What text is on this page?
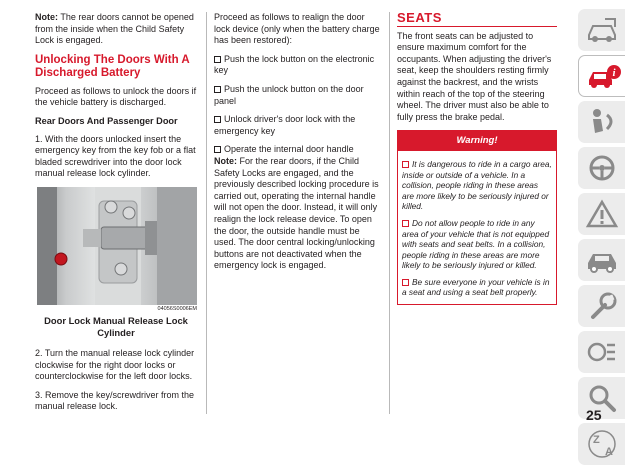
Note: The rear doors cannot be opened from the inside when the Child Safety Lock is engaged.

Unlocking The Doors With A Discharged Battery

Proceed as follows to unlock the doors if the vehicle battery is discharged.

Rear Doors And Passenger Door

1. With the doors unlocked insert the emergency key from the key fob or a flat bladed screwdriver into the door lock manual release lock cylinder.

04056S0006EM
Door Lock Manual Release Lock Cylinder

2. Turn the manual release lock cylinder clockwise for the right door locks or counterclockwise for the left door locks.

3. Remove the key/screwdriver from the manual release lock.

Proceed as follows to realign the door lock device (only when the battery charge has been restored):

Push the lock button on the electronic key

Push the unlock button on the door panel

Unlock driver's door lock with the emergency key

Operate the internal door handle

Note: For the rear doors, if the Child Safety Locks are engaged, and the previously described locking procedure is carried out, operating the internal handle will not open the door. Instead, it will only realign the lock release device. To open the door, the outside handle must be used. The door central locking/unlocking buttons are not deactivated when the emergency lock is engaged.

SEATS

The front seats can be adjusted to ensure maximum comfort for the occupants. When adjusting the driver's seat, keep the shoulders resting firmly against the backrest, and the wrists within reach of the top of the steering wheel. The driver must also be able to fully press the brake pedal.

Warning!

It is dangerous to ride in a cargo area, inside or outside of a vehicle. In a collision, people riding in these areas are more likely to be seriously injured or killed.

Do not allow people to ride in any area of your vehicle that is not equipped with seats and seat belts. In a collision, people riding in these areas are more likely to be seriously injured or killed.

Be sure everyone in your vehicle is in a seat and using a seat belt properly.

i
Z
A
25
